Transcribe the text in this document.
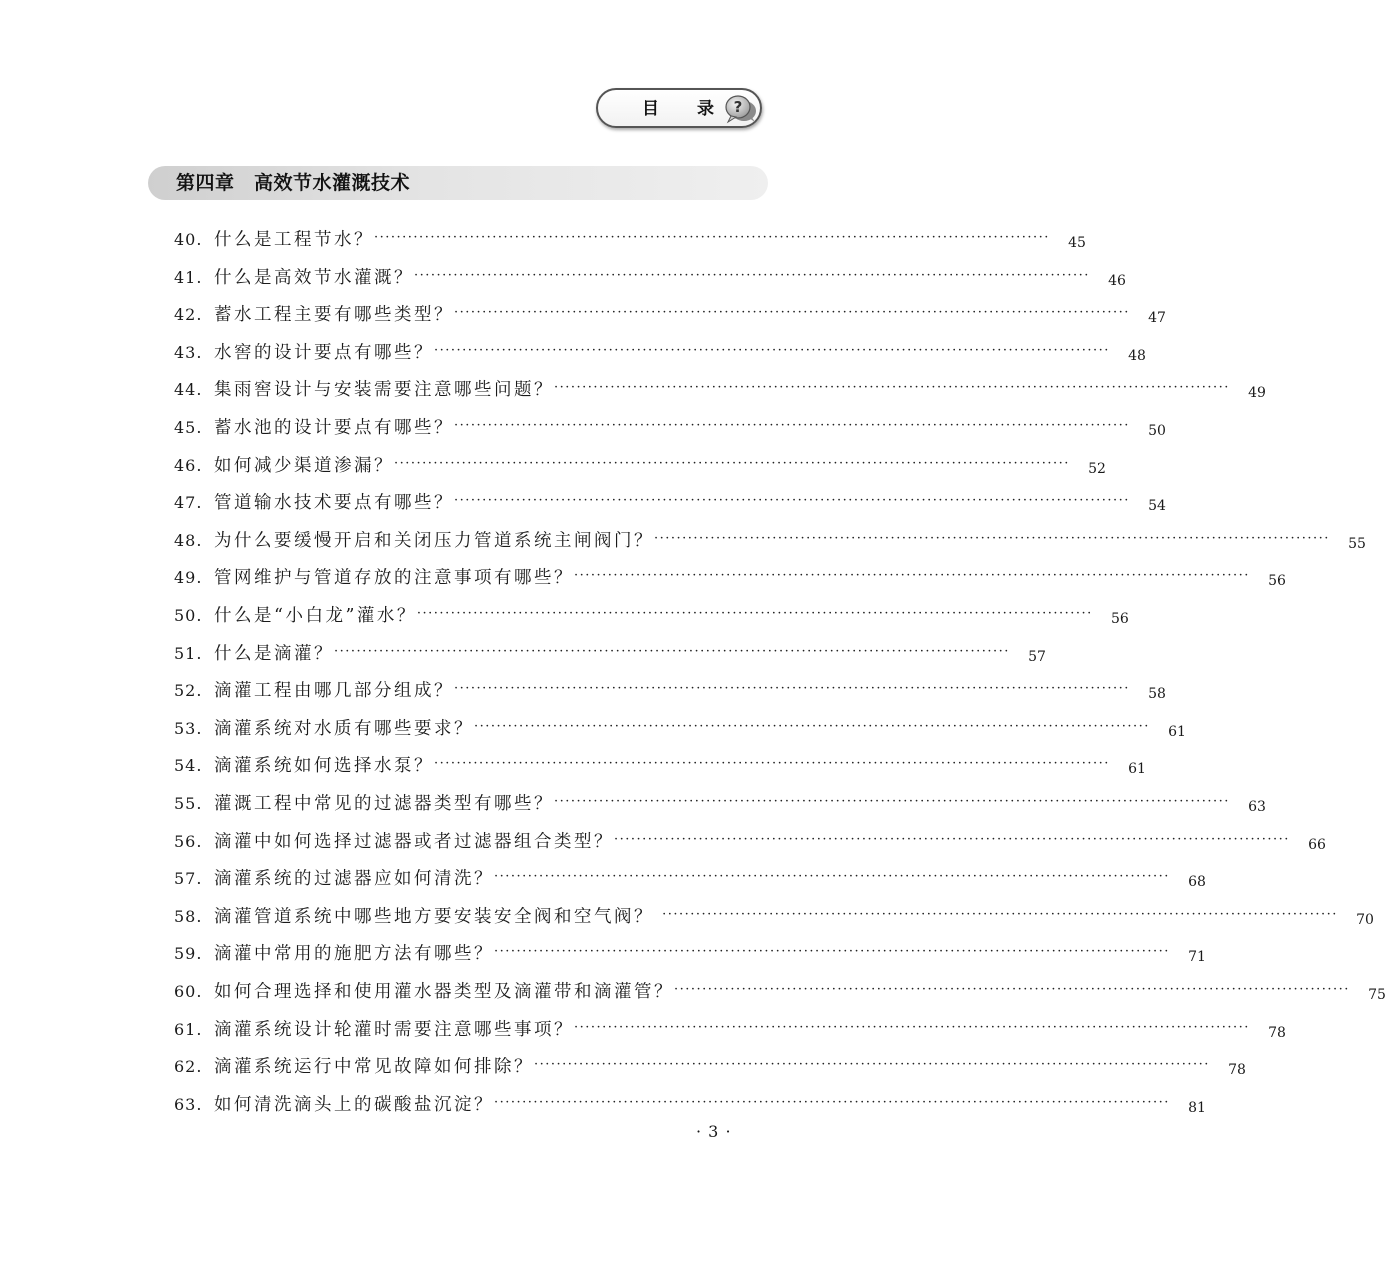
目 录 ?
第四章　高效节水灌溉技术
40. 什么是工程节水？ ························································································································ 45
41. 什么是高效节水灌溉？ ························································································································ 46
42. 蓄水工程主要有哪些类型？ ························································································································ 47
43. 水窖的设计要点有哪些？ ························································································································ 48
44. 集雨窖设计与安装需要注意哪些问题？ ························································································································ 49
45. 蓄水池的设计要点有哪些？ ························································································································ 50
46. 如何减少渠道渗漏？ ························································································································ 52
47. 管道输水技术要点有哪些？ ························································································································ 54
48. 为什么要缓慢开启和关闭压力管道系统主闸阀门？ ························································································································ 55
49. 管网维护与管道存放的注意事项有哪些？ ························································································································ 56
50. 什么是“小白龙”灌水？ ························································································································ 56
51. 什么是滴灌？ ························································································································ 57
52. 滴灌工程由哪几部分组成？ ························································································································ 58
53. 滴灌系统对水质有哪些要求？ ························································································································ 61
54. 滴灌系统如何选择水泵？ ························································································································ 61
55. 灌溉工程中常见的过滤器类型有哪些？ ························································································································ 63
56. 滴灌中如何选择过滤器或者过滤器组合类型？ ························································································································ 66
57. 滴灌系统的过滤器应如何清洗？ ························································································································ 68
58. 滴灌管道系统中哪些地方要安装安全阀和空气阀？ ························································································································ 70
59. 滴灌中常用的施肥方法有哪些？ ························································································································ 71
60. 如何合理选择和使用灌水器类型及滴灌带和滴灌管？ ························································································································ 75
61. 滴灌系统设计轮灌时需要注意哪些事项？ ························································································································ 78
62. 滴灌系统运行中常见故障如何排除？ ························································································································ 78
63. 如何清洗滴头上的碳酸盐沉淀？ ························································································································ 81
· 3 ·
